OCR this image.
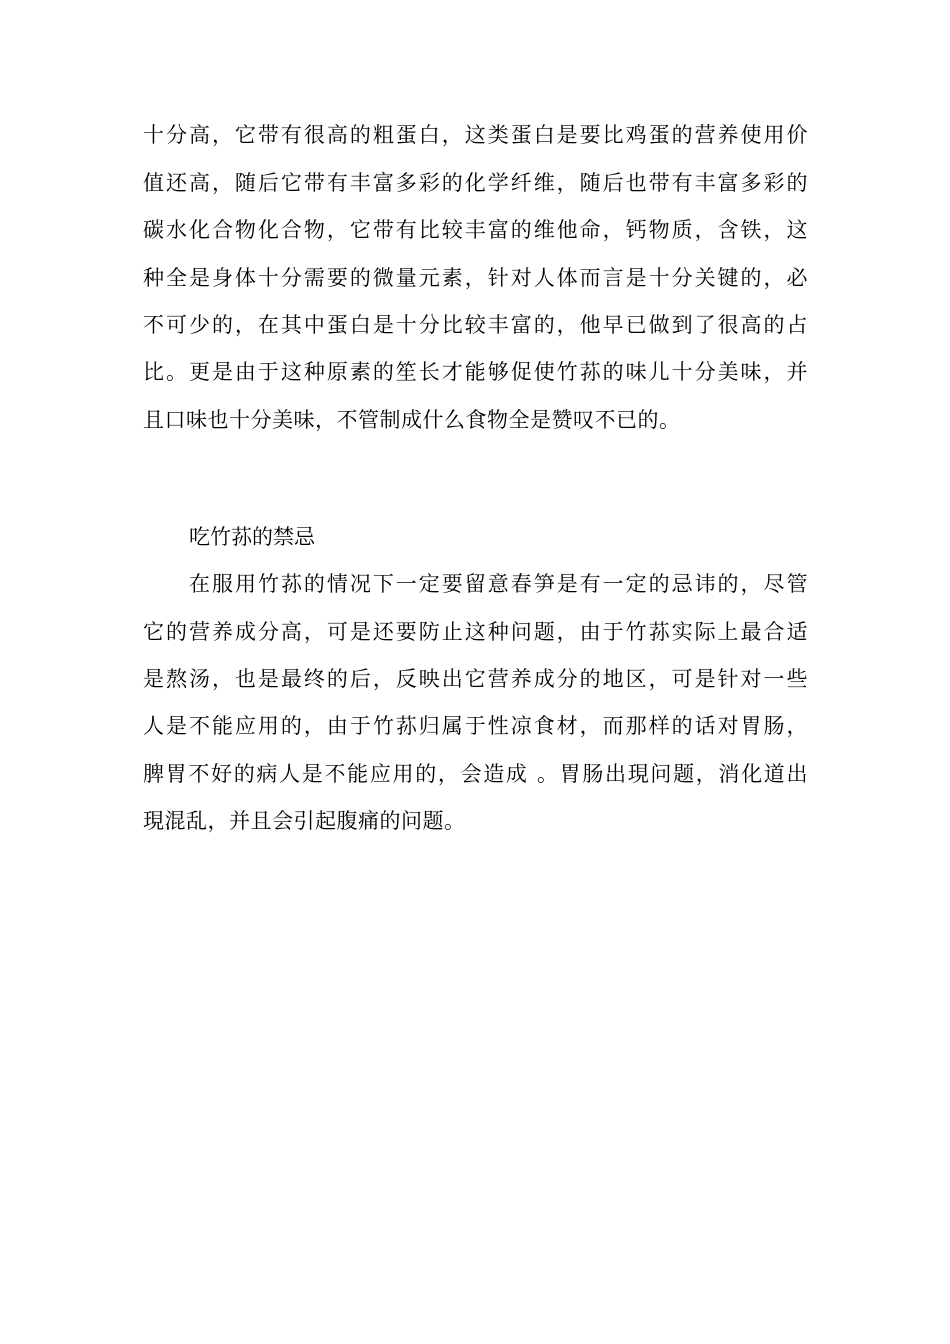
十分高，它带有很高的粗蛋白，这类蛋白是要比鸡蛋的营养使用价
值还高，随后它带有丰富多彩的化学纤维，随后也带有丰富多彩的
碳水化合物化合物，它带有比较丰富的维他命，钙物质，含铁，这
种全是身体十分需要的微量元素，针对人体而言是十分关键的，必
不可少的，在其中蛋白是十分比较丰富的，他早已做到了很高的占
比。更是由于这种原素的笙长才能够促使竹荪的味儿十分美味，并
且口味也十分美味，不管制成什么食物全是赞叹不已的。
吃竹荪的禁忌
在服用竹荪的情况下一定要留意春笋是有一定的忌讳的，尽管
它的营养成分高，可是还要防止这种问题，由于竹荪实际上最合适
是熬汤，也是最终的后，反映出它营养成分的地区，可是针对一些
人是不能应用的，由于竹荪归属于性凉食材，而那样的话对胃肠，
脾胃不好的病人是不能应用的，会造成 。胃肠出現问题，消化道出
現混乱，并且会引起腹痛的问题。
